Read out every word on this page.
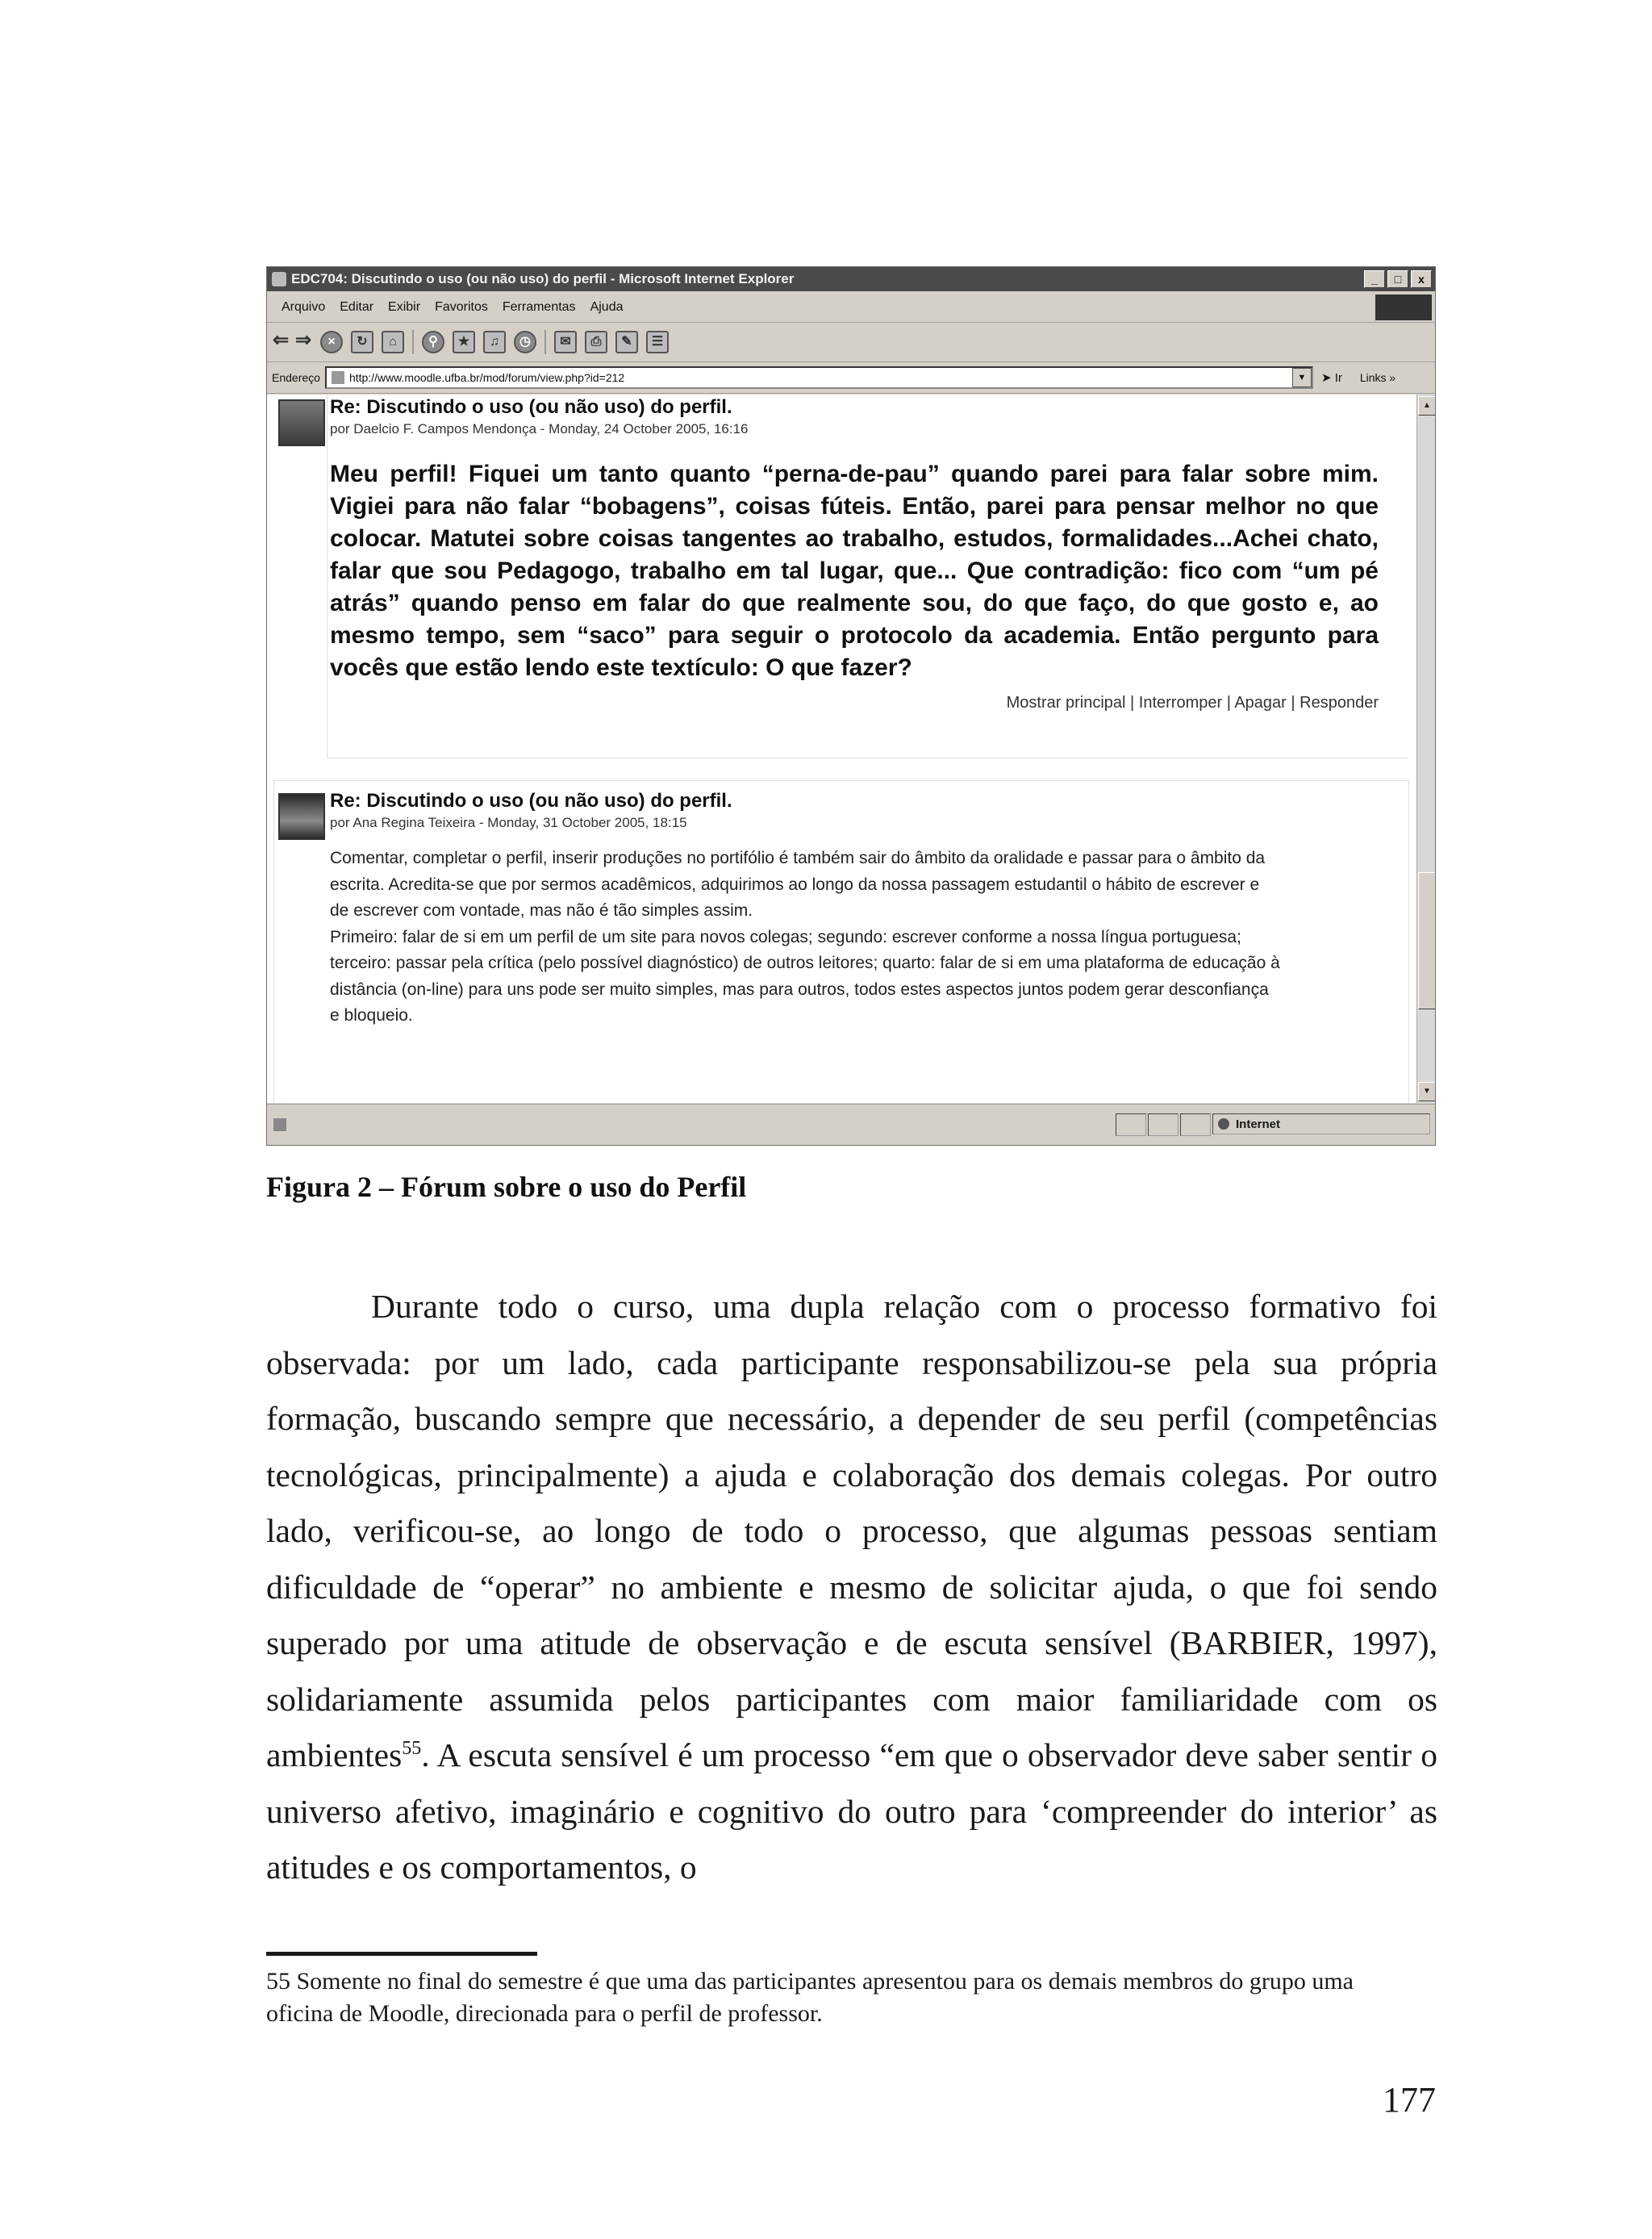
EDC704: Discutindo o uso (ou não uso) do perfil - Microsoft Internet Explorer	_	□	x
Arquivo Editar Exibir Favoritos Ferramentas Ajuda
⇐ ⇒	×	↻	⌂	⚲	★	♫	◷	✉	⎙	✎	☰
Endereço	http://www.moodle.ufba.br/mod/forum/view.php?id=212	▼	➤ Ir Links »
Re: Discutindo o uso (ou não uso) do perfil.
por Daelcio F. Campos Mendonça - Monday, 24 October 2005, 16:16
Meu perfil! Fiquei um tanto quanto “perna-de-pau” quando parei para falar sobre mim. Vigiei para não falar “bobagens”, coisas fúteis. Então, parei para pensar melhor no que colocar. Matutei sobre coisas tangentes ao trabalho, estudos, formalidades...Achei chato, falar que sou Pedagogo, trabalho em tal lugar, que... Que contradição: fico com “um pé atrás” quando penso em falar do que realmente sou, do que faço, do que gosto e, ao mesmo tempo, sem “saco” para seguir o protocolo da academia. Então pergunto para vocês que estão lendo este textículo: O que fazer?
Mostrar principal | Interromper | Apagar | Responder
Re: Discutindo o uso (ou não uso) do perfil.
por Ana Regina Teixeira - Monday, 31 October 2005, 18:15
Comentar, completar o perfil, inserir produções no portifólio é também sair do âmbito da oralidade e passar para o âmbito da escrita. Acredita-se que por sermos acadêmicos, adquirimos ao longo da nossa passagem estudantil o hábito de escrever e de escrever com vontade, mas não é tão simples assim.
Primeiro: falar de si em um perfil de um site para novos colegas; segundo: escrever conforme a nossa língua portuguesa; terceiro: passar pela crítica (pelo possível diagnóstico) de outros leitores; quarto: falar de si em uma plataforma de educação à distância (on-line) para uns pode ser muito simples, mas para outros, todos estes aspectos juntos podem gerar desconfiança e bloqueio.
▲
▼
Internet
Figura 2 – Fórum sobre o uso do Perfil
Durante todo o curso, uma dupla relação com o processo formativo foi observada: por um lado, cada participante responsabilizou-se pela sua própria formação, buscando sempre que necessário, a depender de seu perfil (competências tecnológicas, principalmente) a ajuda e colaboração dos demais colegas. Por outro lado, verificou-se, ao longo de todo o processo, que algumas pessoas sentiam dificuldade de “operar” no ambiente e mesmo de solicitar ajuda, o que foi sendo superado por uma atitude de observação e de escuta sensível (BARBIER, 1997), solidariamente assumida pelos participantes com maior familiaridade com os ambientes$^{55}$. A escuta sensível é um processo “em que o observador deve saber sentir o universo afetivo, imaginário e cognitivo do outro para ‘compreender do interior’ as atitudes e os comportamentos, o
55 Somente no final do semestre é que uma das participantes apresentou para os demais membros do grupo uma oficina de Moodle, direcionada para o perfil de professor.
177
